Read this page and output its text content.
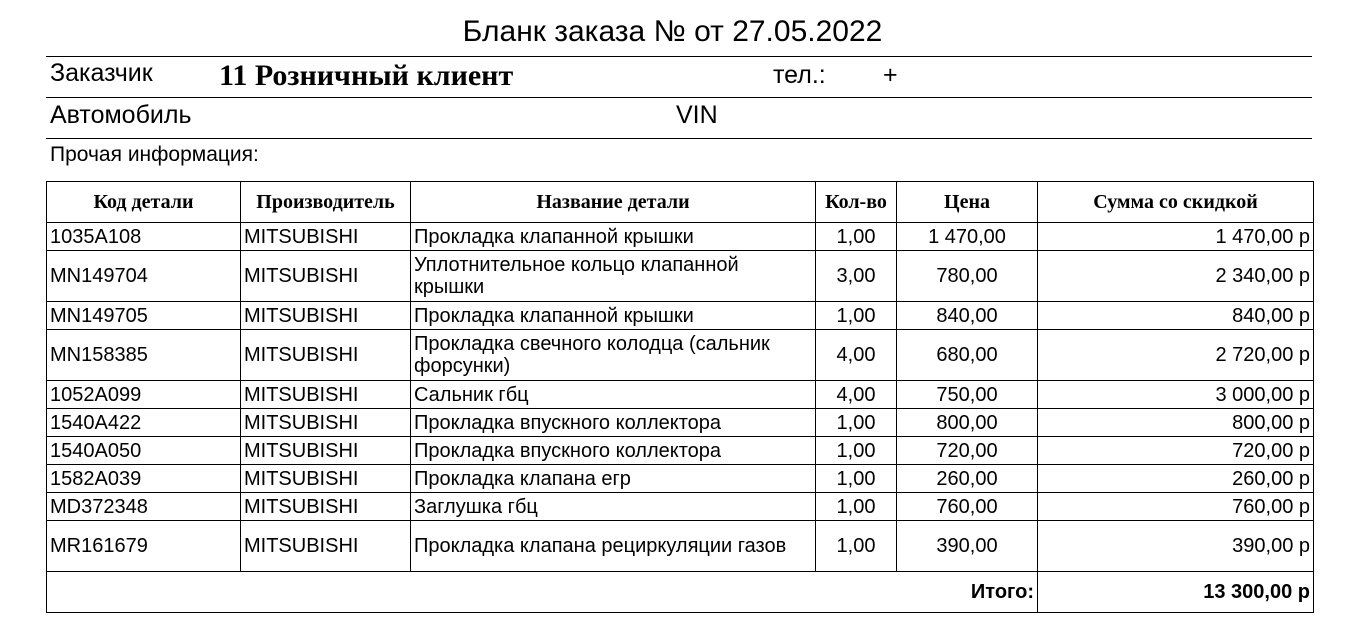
Бланк заказа № от 27.05.2022
Заказчик 11 Розничный клиент	тел.: +
Автомобиль	VIN
Прочая информация:
Код детали	Производитель	Название детали	Кол-во	Цена	Сумма со скидкой
1035A108	MITSUBISHI	Прокладка клапанной крышки	1,00	1 470,00	1 470,00 р
MN149704	MITSUBISHI	Уплотнительное кольцо клапанной крышки	3,00	780,00	2 340,00 р
MN149705	MITSUBISHI	Прокладка клапанной крышки	1,00	840,00	840,00 р
MN158385	MITSUBISHI	Прокладка свечного колодца (сальник форсунки)	4,00	680,00	2 720,00 р
1052A099	MITSUBISHI	Сальник гбц	4,00	750,00	3 000,00 р
1540A422	MITSUBISHI	Прокладка впускного коллектора	1,00	800,00	800,00 р
1540A050	MITSUBISHI	Прокладка впускного коллектора	1,00	720,00	720,00 р
1582A039	MITSUBISHI	Прокладка клапана егр	1,00	260,00	260,00 р
MD372348	MITSUBISHI	Заглушка гбц	1,00	760,00	760,00 р
MR161679	MITSUBISHI	Прокладка клапана рециркуляции газов	1,00	390,00	390,00 р
Итого:					13 300,00 р
